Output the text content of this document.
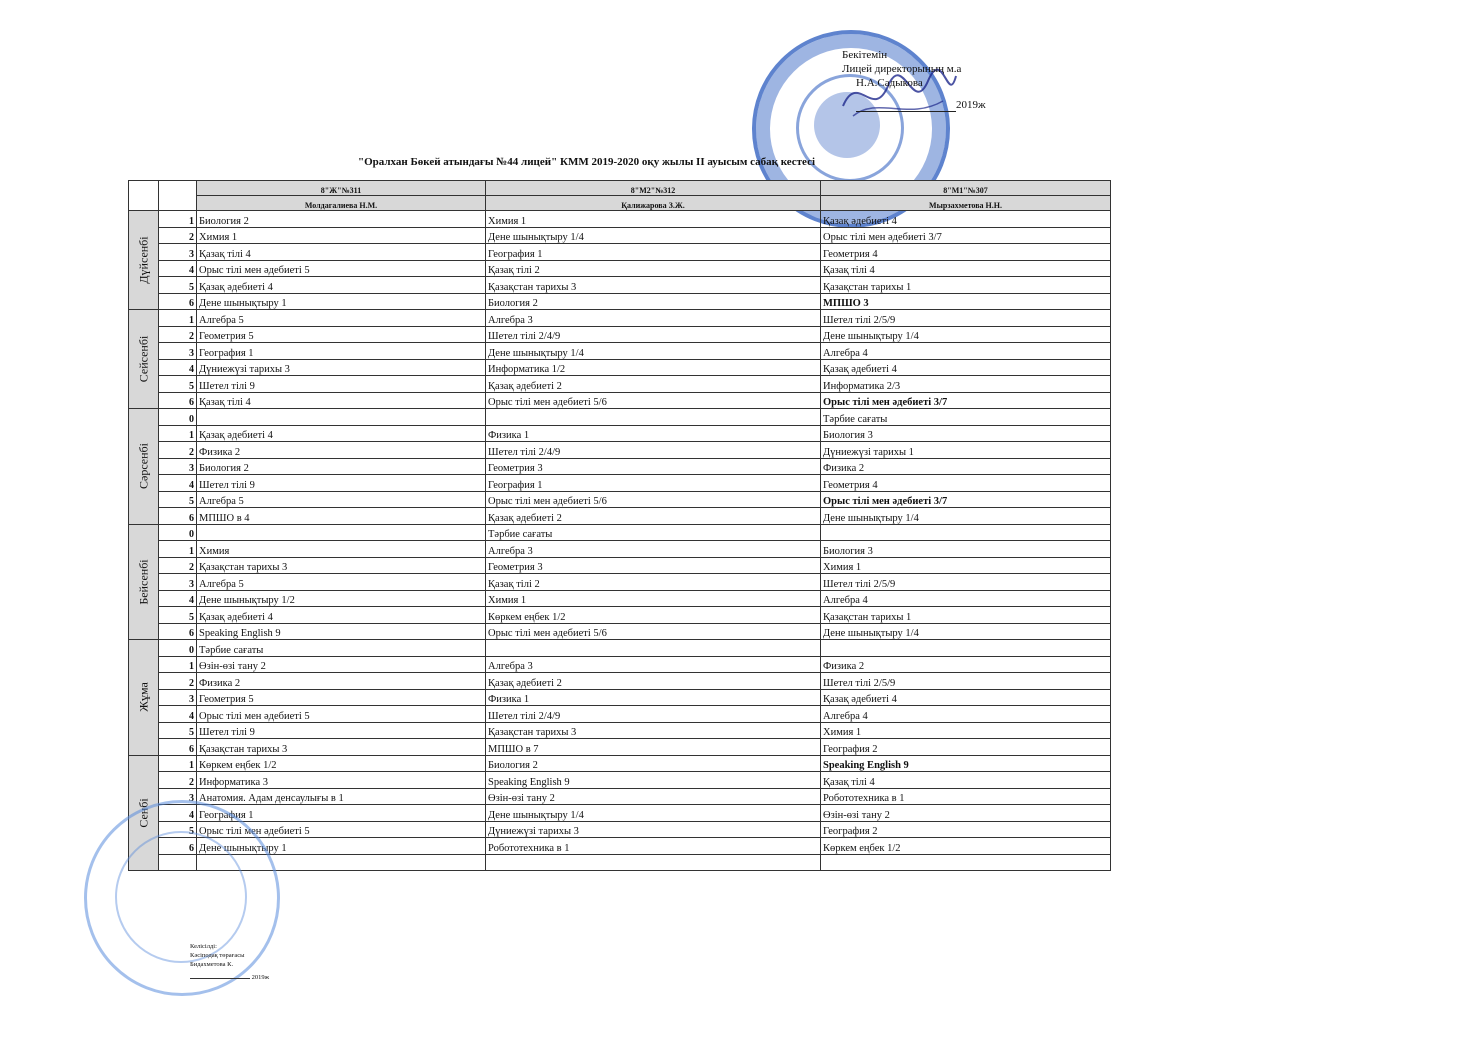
Бекітемін
Лицей директорының м.а
Н.А.Садыкова
2019ж
"Оралхан Бөкей атындағы №44 лицей" КММ 2019-2020 оқу жылы II ауысым сабақ кестесі
		8"Ж"№311	8"М2"№312	8"М1"№307
		Молдагалиева Н.М.	Қалижарова З.Ж.	Мырзахметова Н.Н.

Дүйсенбі	1	Биология 2	Химия 1	Қазақ әдебиеті 4
	2	Химия 1	Дене шынықтыру 1/4	Орыс тілі мен әдебиеті 3/7
	3	Қазақ тілі 4	География 1	Геометрия 4
	4	Орыс тілі мен әдебиеті 5	Қазақ тілі 2	Қазақ тілі 4
	5	Қазақ әдебиеті 4	Қазақстан тарихы 3	Қазақстан тарихы 1
	6	Дене шынықтыру 1	Биология 2	МПШО 3

Сейсенбі	1	Алгебра 5	Алгебра 3	Шетел тілі 2/5/9
	2	Геометрия 5	Шетел тілі 2/4/9	Дене шынықтыру 1/4
	3	География 1	Дене шынықтыру 1/4	Алгебра 4
	4	Дүниежүзі тарихы 3	Информатика 1/2	Қазақ әдебиеті 4
	5	Шетел тілі 9	Қазақ әдебиеті 2	Информатика 2/3
	6	Қазақ тілі 4	Орыс тілі мен әдебиеті 5/6	Орыс тілі мен әдебиеті 3/7

Сәрсенбі	0			Тәрбие сағаты
	1	Қазақ әдебиеті 4	Физика 1	Биология 3
	2	Физика 2	Шетел тілі 2/4/9	Дүниежүзі тарихы 1
	3	Биология 2	Геометрия 3	Физика 2
	4	Шетел тілі 9	География 1	Геометрия 4
	5	Алгебра 5	Орыс тілі мен әдебиеті 5/6	Орыс тілі мен әдебиеті 3/7
	6	МПШО в 4	Қазақ әдебиеті 2	Дене шынықтыру 1/4

Бейсенбі	0		Тәрбие сағаты	
	1	Химия	Алгебра 3	Биология 3
	2	Қазақстан тарихы 3	Геометрия 3	Химия 1
	3	Алгебра 5	Қазақ тілі 2	Шетел тілі 2/5/9
	4	Дене шынықтыру 1/2	Химия 1	Алгебра 4
	5	Қазақ әдебиеті 4	Көркем еңбек 1/2	Қазақстан тарихы 1
	6	Speaking English 9	Орыс тілі мен әдебиеті 5/6	Дене шынықтыру 1/4

Жұма	0	Тәрбие сағаты		
	1	Өзін-өзі тану 2	Алгебра 3	Физика 2
	2	Физика 2	Қазақ әдебиеті 2	Шетел тілі 2/5/9
	3	Геометрия 5	Физика 1	Қазақ әдебиеті 4
	4	Орыс тілі мен әдебиеті 5	Шетел тілі 2/4/9	Алгебра 4
	5	Шетел тілі 9	Қазақстан тарихы 3	Химия 1
	6	Қазақстан тарихы 3	МПШО в 7	География 2

Сенбі	1	Көркем еңбек 1/2	Биология 2	Speaking English 9
	2	Информатика 3	Speaking English 9	Қазақ тілі 4
	3	Анатомия. Адам денсаулығы в 1	Өзін-өзі тану 2	Робототехника в 1
	4	География 1	Дене шынықтыру 1/4	Өзін-өзі тану 2
	5	Орыс тілі мен әдебиеті 5	Дүниежүзі тарихы 3	География 2
	6	Дене шынықтыру 1	Робототехника в 1	Көркем еңбек 1/2

Келісілді:
Кәсіподақ төрағасы
Бидахметова К.
2019ж
